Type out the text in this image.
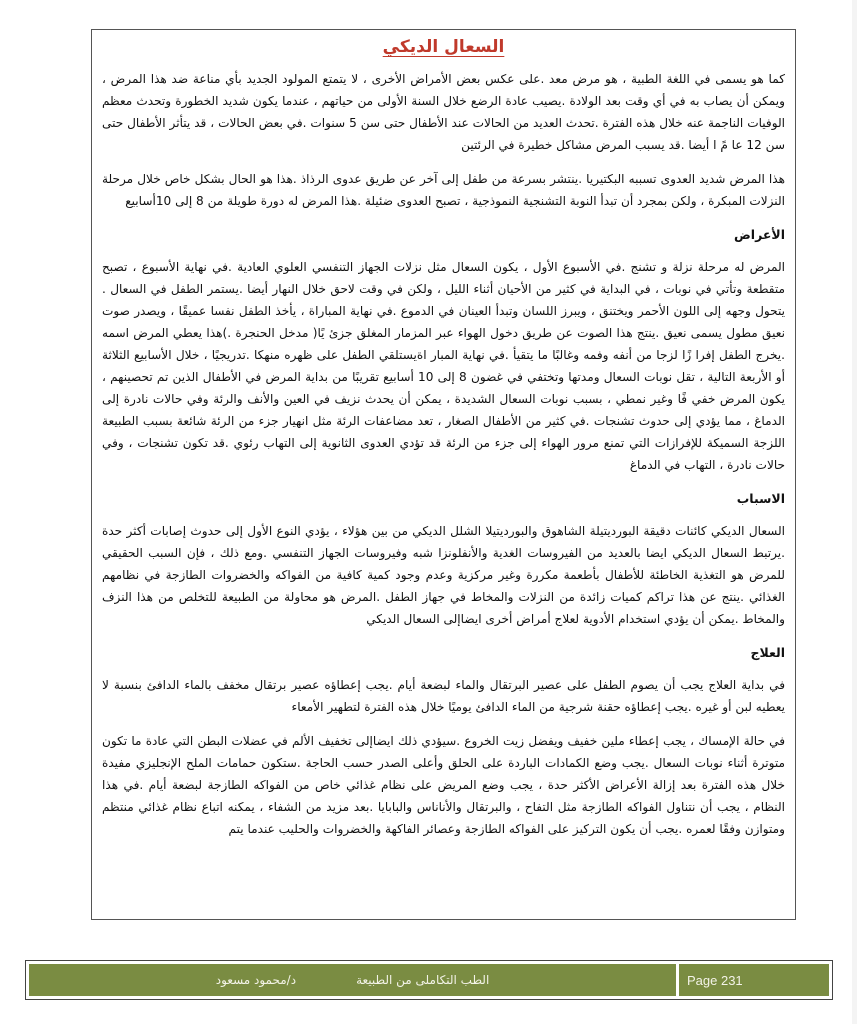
السعال الديكي

كما هو يسمى في اللغة الطبية ، هو مرض معد .على عكس بعض الأمراض الأخرى ، لا يتمتع المولود الجديد بأي مناعة ضد هذا المرض ، ويمكن أن يصاب به في أي وقت بعد الولادة .يصيب عادة الرضع خلال السنة الأولى من حياتهم ، عندما يكون شديد الخطورة وتحدث معظم الوفيات الناجمة عنه خلال هذه الفترة .تحدث العديد من الحالات عند الأطفال حتى سن 5 سنوات .في بعض الحالات ، قد يتأثر الأطفال حتى سن 12 عا مً ا أيضا .قد يسبب المرض مشاكل خطيرة في الرئتين

هذا المرض شديد العدوى تسببه البكتيريا .ينتشر بسرعة من طفل إلى آخر عن طريق عدوى الرذاذ .هذا هو الحال بشكل خاص خلال مرحلة النزلات المبكرة ، ولكن بمجرد أن تبدأ النوبة التشنجية النموذجية ، تصبح العدوى ضئيلة .هذا المرض له دورة طويلة من 8 إلى 10أسابيع

الأعراض

المرض له مرحلة نزلة و تشنج .في الأسبوع الأول ، يكون السعال مثل نزلات الجهاز التنفسي العلوي العادية .في نهاية الأسبوع ، تصبح متقطعة وتأتي في نوبات ، في البداية في كثير من الأحيان أثناء الليل ، ولكن في وقت لاحق خلال النهار أيضا .يستمر الطفل في السعال . يتحول وجهه إلى اللون الأحمر ويختنق ، ويبرز اللسان وتبدأ العينان في الدموع .في نهاية المباراة ، يأخذ الطفل نفسا عميقًا ، ويصدر صوت نعيق مطول يسمى نعيق .ينتج هذا الصوت عن طريق دخول الهواء عبر المزمار المغلق جزئ يًا( مدخل الحنجرة .)هذا يعطي المرض اسمه .يخرج الطفل إفرا زًا لزجا من أنفه وفمه وغالبًا ما يتقيأ .في نهاية المبار اةيستلقي الطفل على ظهره منهكا .تدريجيًا ، خلال الأسابيع الثلاثة أو الأربعة التالية ، تقل نوبات السعال ومدتها وتختفي في غضون 8 إلى 10 أسابيع تقريبًا من بداية المرض في الأطفال الذين تم تحصينهم ، يكون المرض خفي فًا وغير نمطي ، بسبب نوبات السعال الشديدة ، يمكن أن يحدث نزيف في العين والأنف والرئة وفي حالات نادرة إلى الدماغ ، مما يؤدي إلى حدوث تشنجات .في كثير من الأطفال الصغار ، تعد مضاعفات الرئة مثل انهيار جزء من الرئة شائعة بسبب الطبيعة اللزجة السميكة للإفرازات التي تمنع مرور الهواء إلى جزء من الرئة قد تؤدي العدوى الثانوية إلى التهاب رئوي .قد تكون تشنجات ، وفي حالات نادرة ، التهاب في الدماغ

الاسباب

السعال الديكي كائنات دقيقة البورديتيلة الشاهوق والبورديتيلا الشلل الديكي من بين هؤلاء ، يؤدي النوع الأول إلى حدوث إصابات أكثر حدة .يرتبط السعال الديكي ايضا بالعديد من الفيروسات الغدية والأنفلونزا شبه وفيروسات الجهاز التنفسي .ومع ذلك ، فإن السبب الحقيقي للمرض هو التغذية الخاطئة للأطفال بأطعمة مكررة وغير مركزية وعدم وجود كمية كافية من الفواكه والخضروات الطازجة في نظامهم الغذائي .ينتج عن هذا تراكم كميات زائدة من النزلات والمخاط في جهاز الطفل .المرض هو محاولة من الطبيعة للتخلص من هذا النزف والمخاط .يمكن أن يؤدي استخدام الأدوية لعلاج أمراض أخرى ايضاإلى السعال الديكي

العلاج

في بداية العلاج يجب أن يصوم الطفل على عصير البرتقال والماء لبضعة أيام .يجب إعطاؤه عصير برتقال مخفف بالماء الدافئ بنسبة لا يعطيه لبن أو غيره .يجب إعطاؤه حقنة شرجية من الماء الدافئ يوميًا خلال هذه الفترة لتطهير الأمعاء

في حالة الإمساك ، يجب إعطاء ملين خفيف ويفضل زيت الخروع .سيؤدي ذلك ايضاإلى تخفيف الألم في عضلات البطن التي عادة ما تكون متوترة أثناء نوبات السعال .يجب وضع الكمادات الباردة على الحلق وأعلى الصدر حسب الحاجة .ستكون حمامات الملح الإنجليزي مفيدة خلال هذه الفترة بعد إزالة الأعراض الأكثر حدة ، يجب وضع المريض على نظام غذائي خاص من الفواكه الطازجة لبضعة أيام .في هذا النظام ، يجب أن نتناول الفواكه الطازجة مثل التفاح ، والبرتقال والأناناس والبابايا .بعد مزيد من الشفاء ، يمكنه اتباع نظام غذائي منتظم ومتوازن وفقًا لعمره .يجب أن يكون التركيز على الفواكه الطازجة وعصائر الفاكهة والخضروات والحليب عندما يتم

الطب التكاملى من الطبيعة
د/محمود مسعود	Page 231
